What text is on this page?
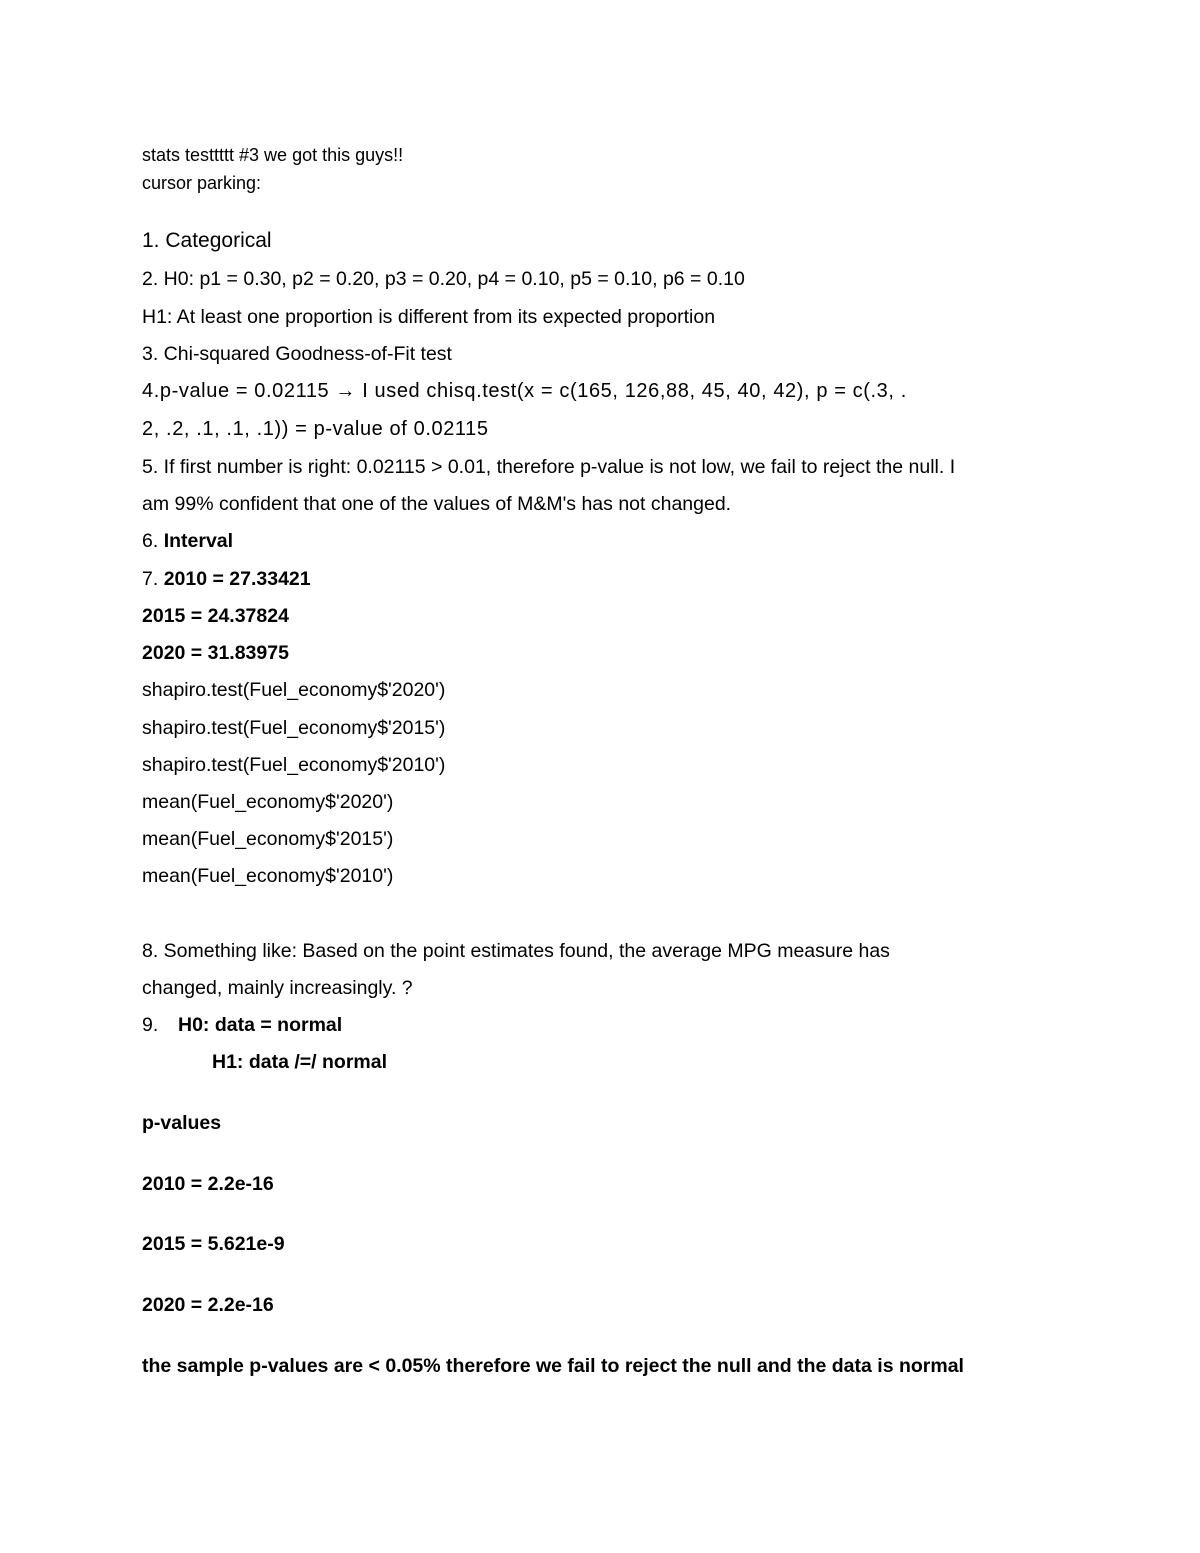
stats testtttt #3 we got this guys!!
cursor parking:
1. Categorical
2. H0: p1 = 0.30, p2 = 0.20, p3 = 0.20, p4 = 0.10, p5 = 0.10, p6 = 0.10
H1: At least one proportion is different from its expected proportion
3. Chi-squared Goodness-of-Fit test
4.p-value = 0.02115 → I used chisq.test(x = c(165, 126,88, 45, 40, 42), p = c(.3, .
2, .2, .1, .1, .1)) = p-value of 0.02115
5. If first number is right: 0.02115 > 0.01, therefore p-value is not low, we fail to reject the null. I
am 99% confident that one of the values of M&M's has not changed.
6. Interval
7. 2010 = 27.33421
2015 = 24.37824
2020 = 31.83975
shapiro.test(Fuel_economy$'2020')
shapiro.test(Fuel_economy$'2015')
shapiro.test(Fuel_economy$'2010')
mean(Fuel_economy$'2020')
mean(Fuel_economy$'2015')
mean(Fuel_economy$'2010')
8. Something like: Based on the point estimates found, the average MPG measure has
changed, mainly increasingly. ?
9. H0: data = normal
H1: data /=/ normal
p-values
2010 = 2.2e-16
2015 = 5.621e-9
2020 = 2.2e-16
the sample p-values are < 0.05% therefore we fail to reject the null and the data is normal
